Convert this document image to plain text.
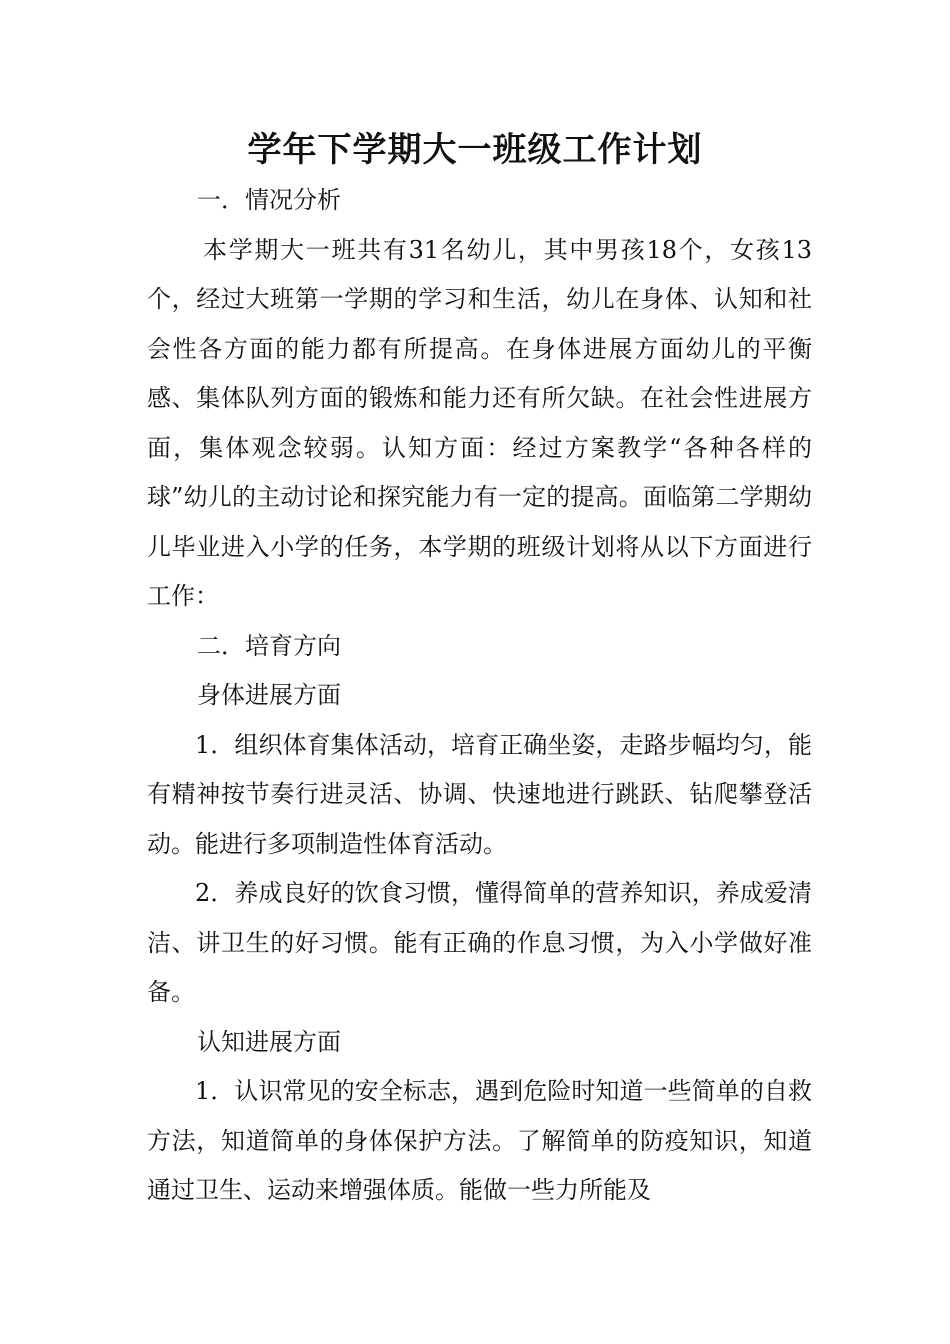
学年下学期大一班级工作计划

一．情况分析

本学期大一班共有31名幼儿，其中男孩18个，女孩13个，经过大班第一学期的学习和生活，幼儿在身体、认知和社会性各方面的能力都有所提高。在身体进展方面幼儿的平衡感、集体队列方面的锻炼和能力还有所欠缺。在社会性进展方面，集体观念较弱。认知方面：经过方案教学“各种各样的球”幼儿的主动讨论和探究能力有一定的提高。面临第二学期幼儿毕业进入小学的任务，本学期的班级计划将从以下方面进行工作：

二．培育方向

身体进展方面

1．组织体育集体活动，培育正确坐姿，走路步幅均匀，能有精神按节奏行进灵活、协调、快速地进行跳跃、钻爬攀登活动。能进行多项制造性体育活动。

2．养成良好的饮食习惯，懂得简单的营养知识，养成爱清洁、讲卫生的好习惯。能有正确的作息习惯，为入小学做好准备。

认知进展方面

1．认识常见的安全标志，遇到危险时知道一些简单的自救方法，知道简单的身体保护方法。了解简单的防疫知识，知道通过卫生、运动来增强体质。能做一些力所能及
